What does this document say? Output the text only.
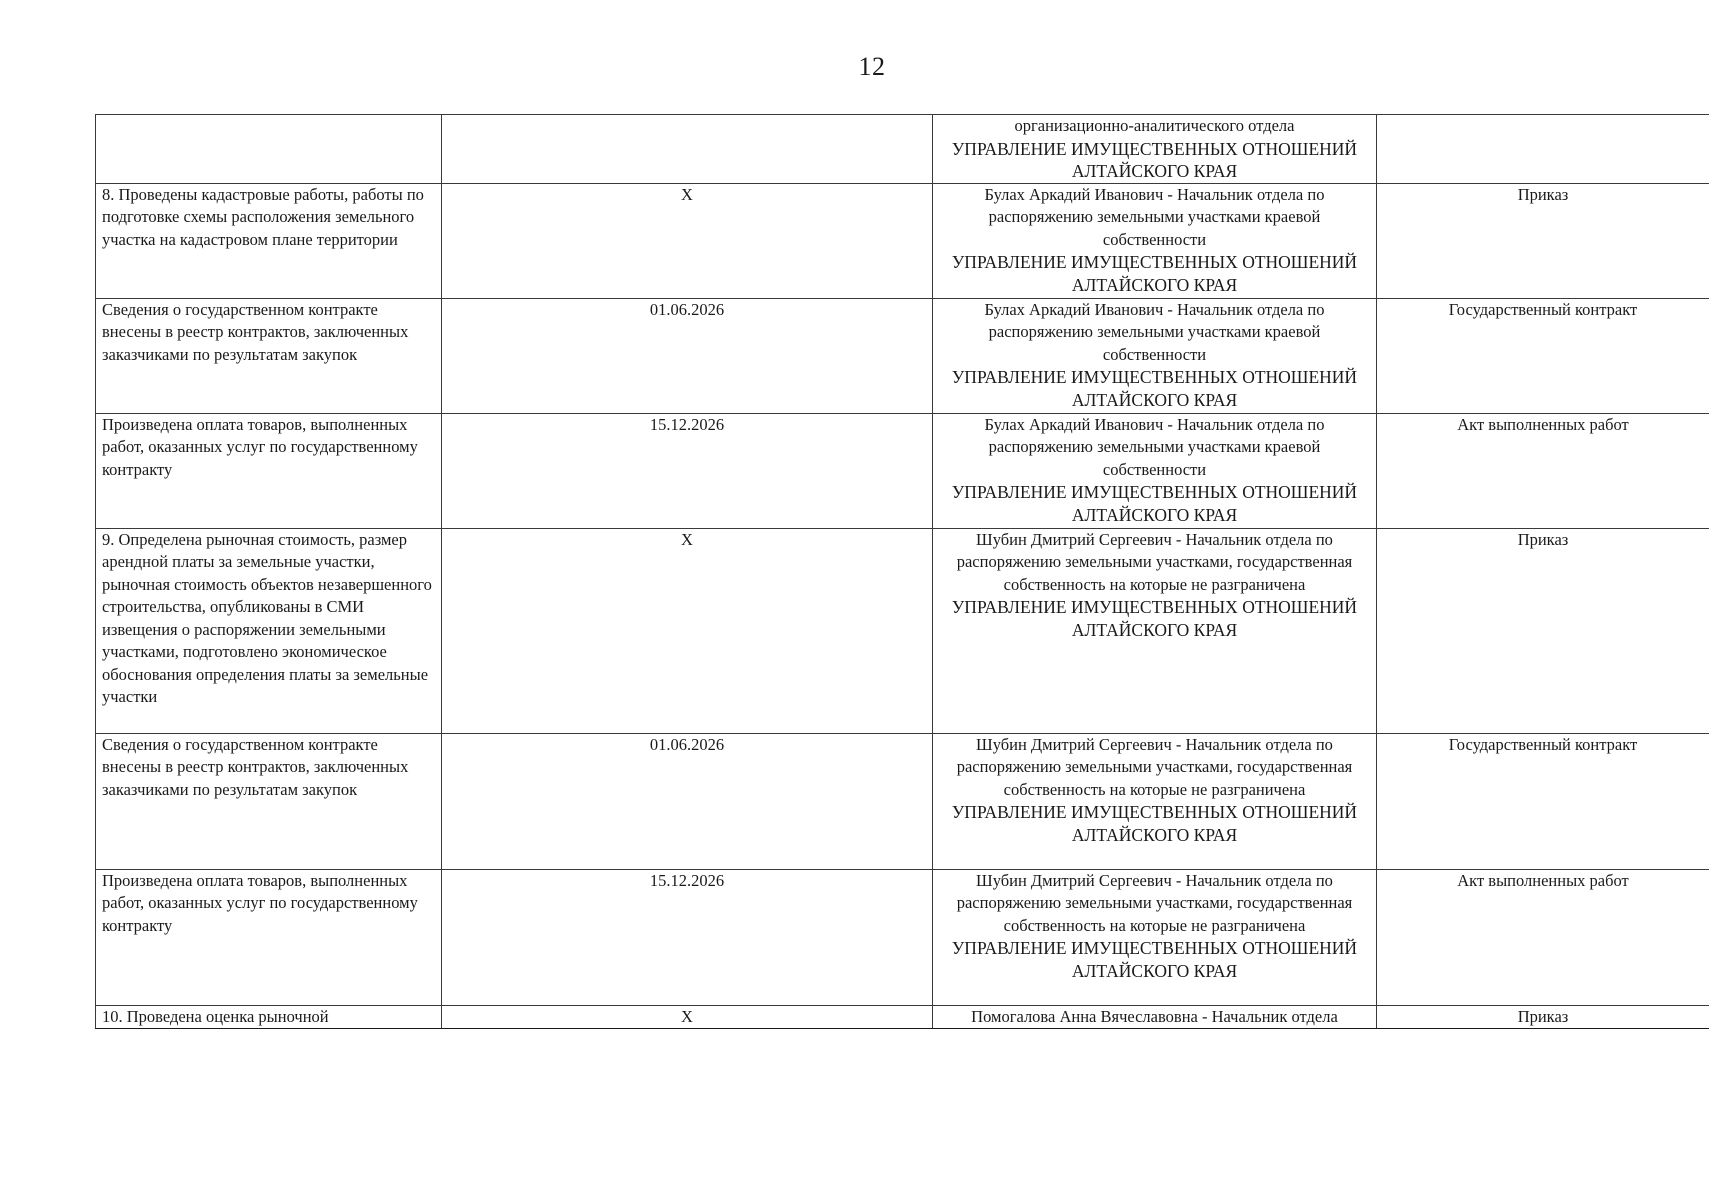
12

		организационно-аналитического отдела
УПРАВЛЕНИЕ ИМУЩЕСТВЕННЫХ ОТНОШЕНИЙ АЛТАЙСКОГО КРАЯ	

8. Проведены кадастровые работы, работы по подготовке схемы расположения земельного участка на кадастровом плане территории	X	Булах Аркадий Иванович - Начальник отдела по распоряжению земельными участками краевой собственности
УПРАВЛЕНИЕ ИМУЩЕСТВЕННЫХ ОТНОШЕНИЙ АЛТАЙСКОГО КРАЯ	Приказ
Сведения о государственном контракте внесены в реестр контрактов, заключенных заказчиками по результатам закупок	01.06.2026	Булах Аркадий Иванович - Начальник отдела по распоряжению земельными участками краевой собственности
УПРАВЛЕНИЕ ИМУЩЕСТВЕННЫХ ОТНОШЕНИЙ АЛТАЙСКОГО КРАЯ	Государственный контракт
Произведена оплата товаров, выполненных работ, оказанных услуг по государственному контракту	15.12.2026	Булах Аркадий Иванович - Начальник отдела по распоряжению земельными участками краевой собственности
УПРАВЛЕНИЕ ИМУЩЕСТВЕННЫХ ОТНОШЕНИЙ АЛТАЙСКОГО КРАЯ	Акт выполненных работ
9. Определена рыночная стоимость, размер арендной платы за земельные участки, рыночная стоимость объектов незавершенного строительства, опубликованы в СМИ извещения о распоряжении земельными участками, подготовлено экономическое обоснования определения платы за земельные участки	X	Шубин Дмитрий Сергеевич - Начальник отдела по распоряжению земельными участками, государственная собственность на которые не разграничена
УПРАВЛЕНИЕ ИМУЩЕСТВЕННЫХ ОТНОШЕНИЙ АЛТАЙСКОГО КРАЯ	Приказ
Сведения о государственном контракте внесены в реестр контрактов, заключенных заказчиками по результатам закупок	01.06.2026	Шубин Дмитрий Сергеевич - Начальник отдела по распоряжению земельными участками, государственная собственность на которые не разграничена
УПРАВЛЕНИЕ ИМУЩЕСТВЕННЫХ ОТНОШЕНИЙ АЛТАЙСКОГО КРАЯ	Государственный контракт
Произведена оплата товаров, выполненных работ, оказанных услуг по государственному контракту	15.12.2026	Шубин Дмитрий Сергеевич - Начальник отдела по распоряжению земельными участками, государственная собственность на которые не разграничена
УПРАВЛЕНИЕ ИМУЩЕСТВЕННЫХ ОТНОШЕНИЙ АЛТАЙСКОГО КРАЯ	Акт выполненных работ
10. Проведена оценка рыночной	X	Помогалова Анна Вячеславовна - Начальник отдела	Приказ
